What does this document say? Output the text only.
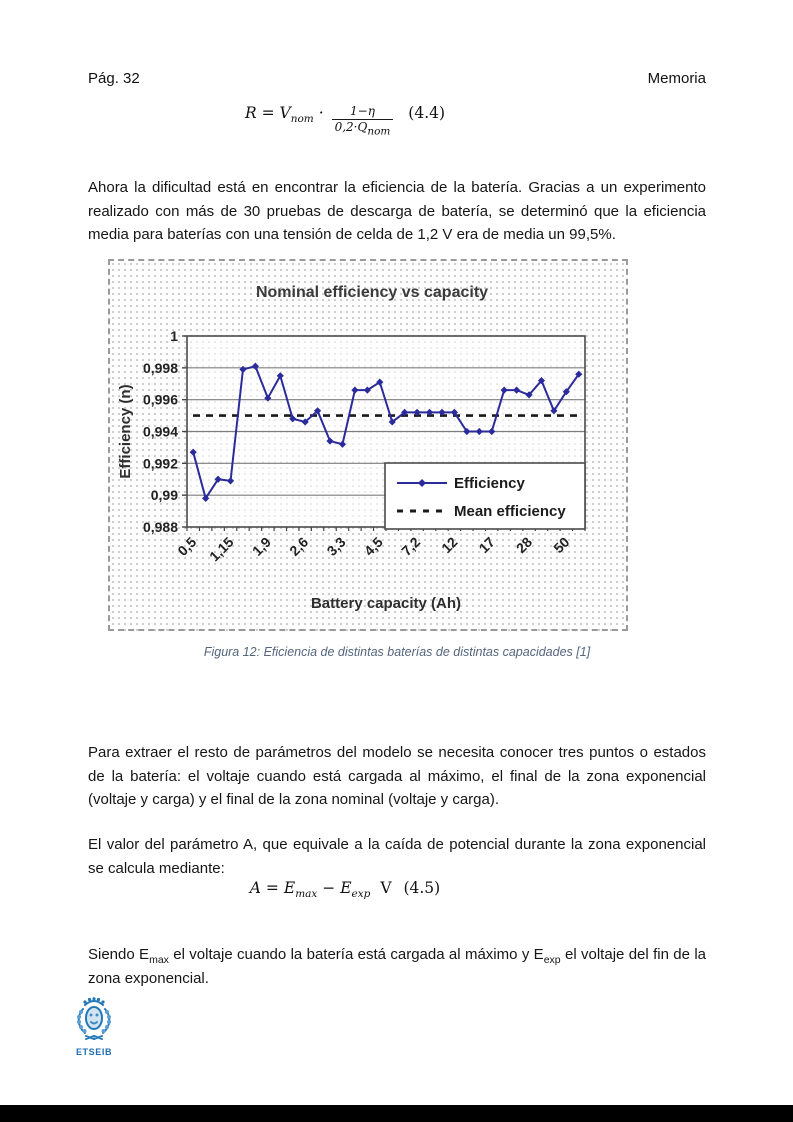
Pág. 32	Memoria
$R = V_{nom} \cdot \frac{1-\eta}{0,2\cdot Q_{nom}} (4.4)$

Ahora la dificultad está en encontrar la eficiencia de la batería. Gracias a un experimento realizado con más de 30 pruebas de descarga de batería, se determinó que la eficiencia media para baterías con una tensión de celda de 1,2 V era de media un 99,5%.

Nominal efficiency vs capacity
Efficiency (n)
Battery capacity (Ah)
1
0,998
0,996
0,994
0,992
0,99
0,988
0,5 1,15 1,9 2,6 3,3 4,5 7,2 12 17 28 50
Efficiency
Mean efficiency
Figura 12: Eficiencia de distintas baterías de distintas capacidades [1]

Para extraer el resto de parámetros del modelo se necesita conocer tres puntos o estados de la batería: el voltaje cuando está cargada al máximo, el final de la zona exponencial (voltaje y carga) y el final de la zona nominal (voltaje y carga).

El valor del parámetro A, que equivale a la caída de potencial durante la zona exponencial se calcula mediante:

$A = E_{max} - E_{exp}$ V (4.5)

Siendo $E_{max}$ el voltaje cuando la batería está cargada al máximo y $E_{exp}$ el voltaje del fin de la zona exponencial.

ETSEIB
